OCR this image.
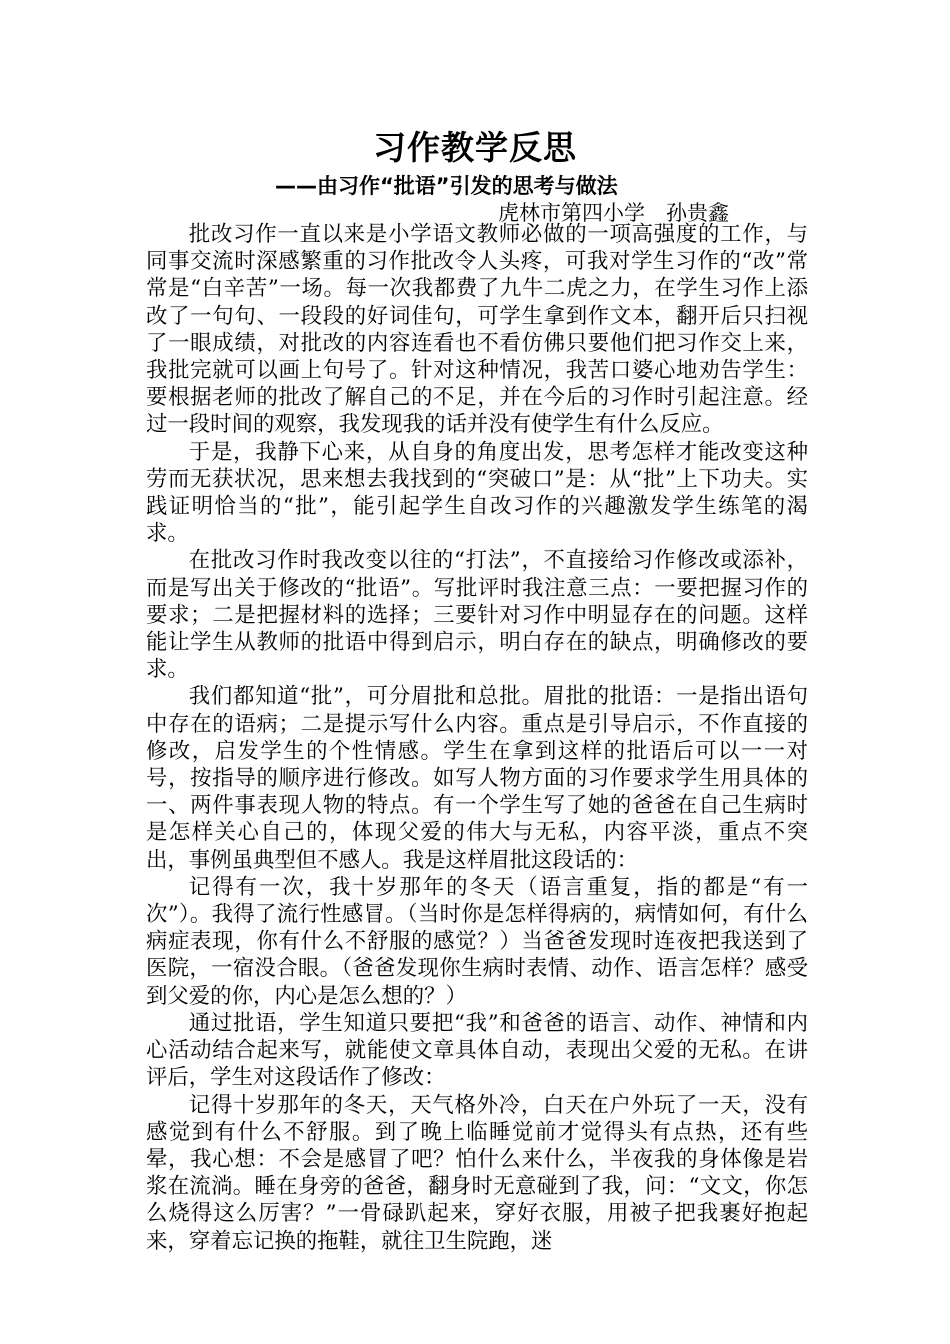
习作教学反思
——由习作“批语”引发的思考与做法
虎林市第四小学　孙贵鑫

批改习作一直以来是小学语文教师必做的一项高强度的工作，与同事交流时深感繁重的习作批改令人头疼，可我对学生习作的“改”常常是“白辛苦”一场。每一次我都费了九牛二虎之力，在学生习作上添改了一句句、一段段的好词佳句，可学生拿到作文本，翻开后只扫视了一眼成绩，对批改的内容连看也不看仿佛只要他们把习作交上来，我批完就可以画上句号了。针对这种情况，我苦口婆心地劝告学生：要根据老师的批改了解自己的不足，并在今后的习作时引起注意。经过一段时间的观察，我发现我的话并没有使学生有什么反应。

于是，我静下心来，从自身的角度出发，思考怎样才能改变这种劳而无获状况，思来想去我找到的“突破口”是：从“批”上下功夫。实践证明恰当的“批”，能引起学生自改习作的兴趣激发学生练笔的渴求。

在批改习作时我改变以往的“打法”，不直接给习作修改或添补，而是写出关于修改的“批语”。写批评时我注意三点：一要把握习作的要求；二是把握材料的选择；三要针对习作中明显存在的问题。这样能让学生从教师的批语中得到启示，明白存在的缺点，明确修改的要求。

我们都知道“批”，可分眉批和总批。眉批的批语：一是指出语句中存在的语病；二是提示写什么内容。重点是引导启示，不作直接的修改，启发学生的个性情感。学生在拿到这样的批语后可以一一对号，按指导的顺序进行修改。如写人物方面的习作要求学生用具体的一、两件事表现人物的特点。有一个学生写了她的爸爸在自己生病时是怎样关心自己的，体现父爱的伟大与无私，内容平淡，重点不突出，事例虽典型但不感人。我是这样眉批这段话的：

记得有一次，我十岁那年的冬天（语言重复，指的都是“有一次”）。我得了流行性感冒。（当时你是怎样得病的，病情如何，有什么病症表现，你有什么不舒服的感觉？）当爸爸发现时连夜把我送到了医院，一宿没合眼。（爸爸发现你生病时表情、动作、语言怎样？感受到父爱的你，内心是怎么想的？）

通过批语，学生知道只要把“我”和爸爸的语言、动作、神情和内心活动结合起来写，就能使文章具体自动，表现出父爱的无私。在讲评后，学生对这段话作了修改：

记得十岁那年的冬天，天气格外冷，白天在户外玩了一天，没有感觉到有什么不舒服。到了晚上临睡觉前才觉得头有点热，还有些晕，我心想：不会是感冒了吧？怕什么来什么，半夜我的身体像是岩浆在流淌。睡在身旁的爸爸，翻身时无意碰到了我，问：“文文，你怎么烧得这么厉害？”一骨碌趴起来，穿好衣服，用被子把我裹好抱起来，穿着忘记换的拖鞋，就往卫生院跑，迷
